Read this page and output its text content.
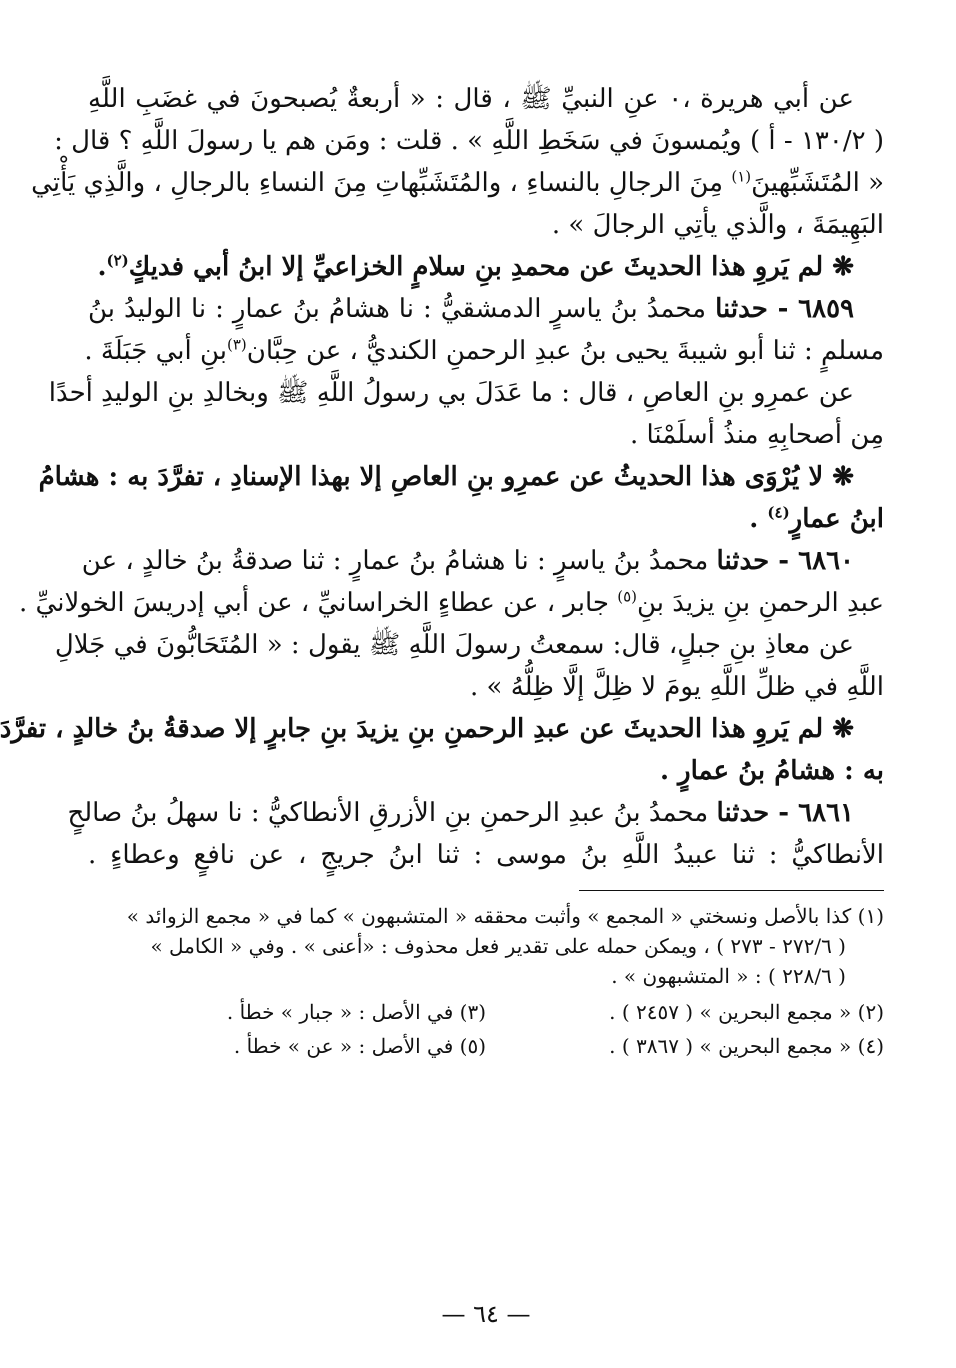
عن أبي هريرة ،٠ عنِ النبيِّ ﷺ ، قال : « أربعةٌ يُصبحونَ في غضَبِ اللَّهِ

( ١٣٠/٢ - أ ) ويُمسونَ في سَخَطِ اللَّهِ » . قلت : ومَن هم يا رسولَ اللَّهِ ؟ قال :

« المُتَشَبِّهينَ$^{(١)}$ مِنَ الرجالِ بالنساءِ ، والمُتَشَبِّهاتِ مِنَ النساءِ بالرجالِ ، والَّذِي يَأْتِي

البَهِيمَةَ ، والَّذي يأتِي الرجالَ » .

❋ لم يَروِ هذا الحديثَ عن محمدِ بنِ سلامٍ الخزاعيِّ إلا ابنُ أبي فديكٍ$^{(٢)}$.

٦٨٥٩ - حدثنا محمدُ بنُ ياسرٍ الدمشقيُّ : نا هشامُ بنُ عمارٍ : نا الوليدُ بنُ

مسلمٍ : ثنا أبو شيبةَ يحيى بنُ عبدِ الرحمنِ الكنديُّ ، عن حِبَّان$^{(٣)}$بنِ أبي جَبَلَةَ .

عن عمرِو بنِ العاصِ ، قال : ما عَدَلَ بي رسولُ اللَّهِ ﷺ وبخالدِ بنِ الوليدِ أحدًا

مِن أصحابِهِ منذُ أسلَمْنَا .

❋ لا يُرْوَى هذا الحديثُ عن عمرِو بنِ العاصِ إلا بهذا الإسنادِ ، تفرَّدَ به : هشامُ

ابنُ عمارٍ$^{(٤)}$ .

٦٨٦٠ - حدثنا محمدُ بنُ ياسرٍ : نا هشامُ بنُ عمارٍ : ثنا صدقةُ بنُ خالدٍ ، عن

عبدِ الرحمنِ بنِ يزيدَ بنِ$^{(٥)}$ جابر ، عن عطاءٍ الخراسانيِّ ، عن أبي إدريسَ الخولانيِّ .

عن معاذِ بنِ جبلٍ، قال: سمعتُ رسولَ اللَّهِ ﷺ يقول : « المُتَحَابُّونَ في جَلالِ

اللَّهِ في ظلِّ اللَّهِ يومَ لا ظِلَّ إلَّا ظِلُّهُ » .

❋ لم يَروِ هذا الحديثَ عن عبدِ الرحمنِ بنِ يزيدَ بنِ جابرٍ إلا صدقةُ بنُ خالدٍ ، تفرَّدَ

به : هشامُ بنُ عمارٍ .

٦٨٦١ - حدثنا محمدُ بنُ عبدِ الرحمنِ بنِ الأزرقِ الأنطاكيُّ : نا سهلُ بنُ صالحٍ

الأنطاكيُّ : ثنا عبيدُ اللَّهِ بنُ موسى : ثنا ابنُ جريجٍ ، عن نافعٍ وعطاءٍ .

(١) كذا بالأصل ونسختي « المجمع » وأثبت محققه « المتشبهون » كما في « مجمع الزوائد »

( ٢٧٢/٦ - ٢٧٣ ) ، ويمكن حمله على تقدير فعل محذوف : «أعنى » . وفي « الكامل »

( ٢٢٨/٦ ) : « المتشبهون » .

(٢) « مجمع البحرين » ( ٢٤٥٧ ) .
(٤) « مجمع البحرين » ( ٣٨٦٧ ) .
(٣) في الأصل : « جبار » خطأ .
(٥) في الأصل : « عن » خطأ .
— ٦٤ —
